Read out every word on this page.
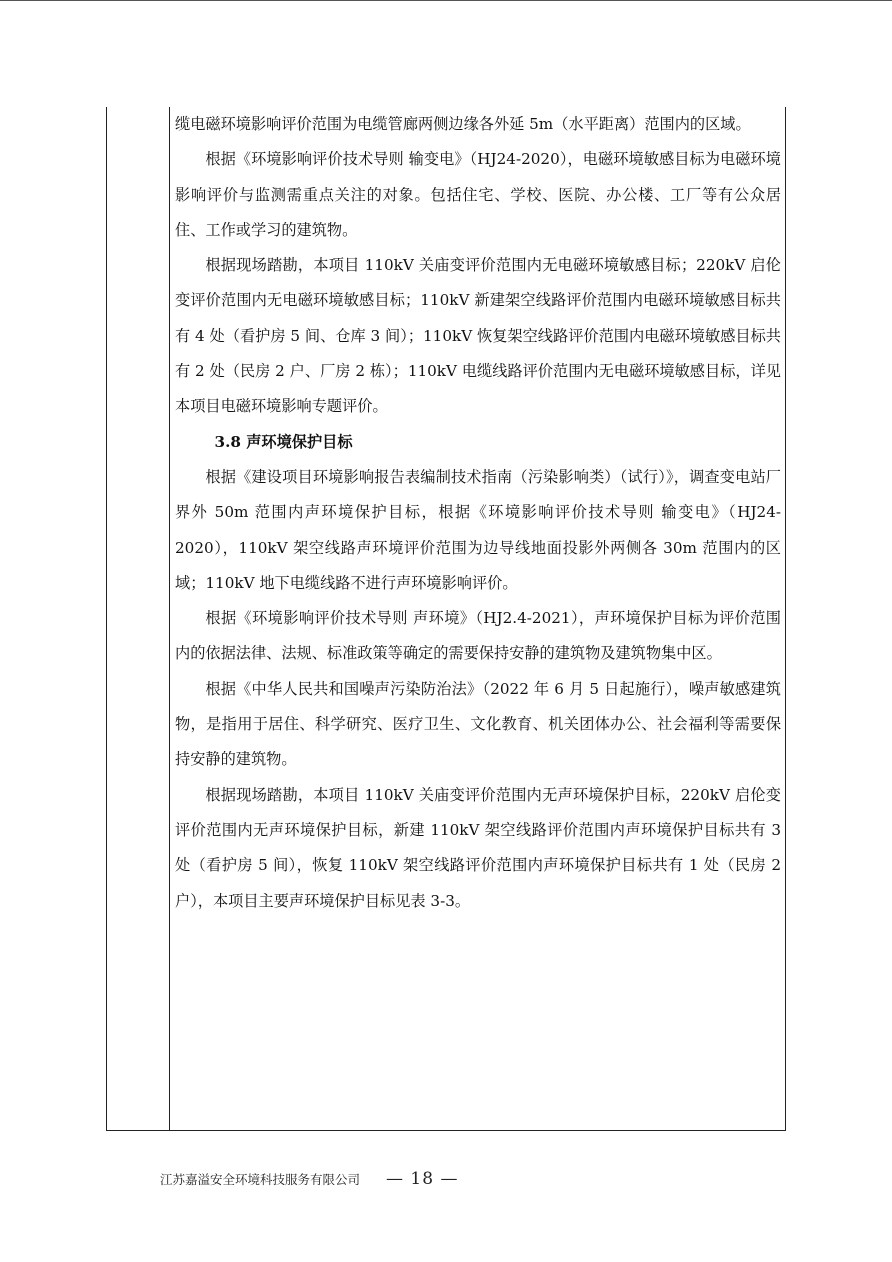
缆电磁环境影响评价范围为电缆管廊两侧边缘各外延 5m（水平距离）范围内的区域。

根据《环境影响评价技术导则 输变电》（HJ24-2020），电磁环境敏感目标为电磁环境影响评价与监测需重点关注的对象。包括住宅、学校、医院、办公楼、工厂等有公众居住、工作或学习的建筑物。

根据现场踏勘，本项目 110kV 关庙变评价范围内无电磁环境敏感目标；220kV 启伦变评价范围内无电磁环境敏感目标；110kV 新建架空线路评价范围内电磁环境敏感目标共有 4 处（看护房 5 间、仓库 3 间）；110kV 恢复架空线路评价范围内电磁环境敏感目标共有 2 处（民房 2 户、厂房 2 栋）；110kV 电缆线路评价范围内无电磁环境敏感目标，详见本项目电磁环境影响专题评价。

3.8 声环境保护目标

根据《建设项目环境影响报告表编制技术指南（污染影响类）（试行）》，调查变电站厂界外 50m 范围内声环境保护目标，根据《环境影响评价技术导则 输变电》（HJ24-2020），110kV 架空线路声环境评价范围为边导线地面投影外两侧各 30m 范围内的区域；110kV 地下电缆线路不进行声环境影响评价。

根据《环境影响评价技术导则 声环境》（HJ2.4-2021），声环境保护目标为评价范围内的依据法律、法规、标准政策等确定的需要保持安静的建筑物及建筑物集中区。

根据《中华人民共和国噪声污染防治法》（2022 年 6 月 5 日起施行），噪声敏感建筑物，是指用于居住、科学研究、医疗卫生、文化教育、机关团体办公、社会福利等需要保持安静的建筑物。

根据现场踏勘，本项目 110kV 关庙变评价范围内无声环境保护目标，220kV 启伦变评价范围内无声环境保护目标，新建 110kV 架空线路评价范围内声环境保护目标共有 3 处（看护房 5 间），恢复 110kV 架空线路评价范围内声环境保护目标共有 1 处（民房 2 户），本项目主要声环境保护目标见表 3-3。

江苏嘉溢安全环境科技服务有限公司 — 18 —
